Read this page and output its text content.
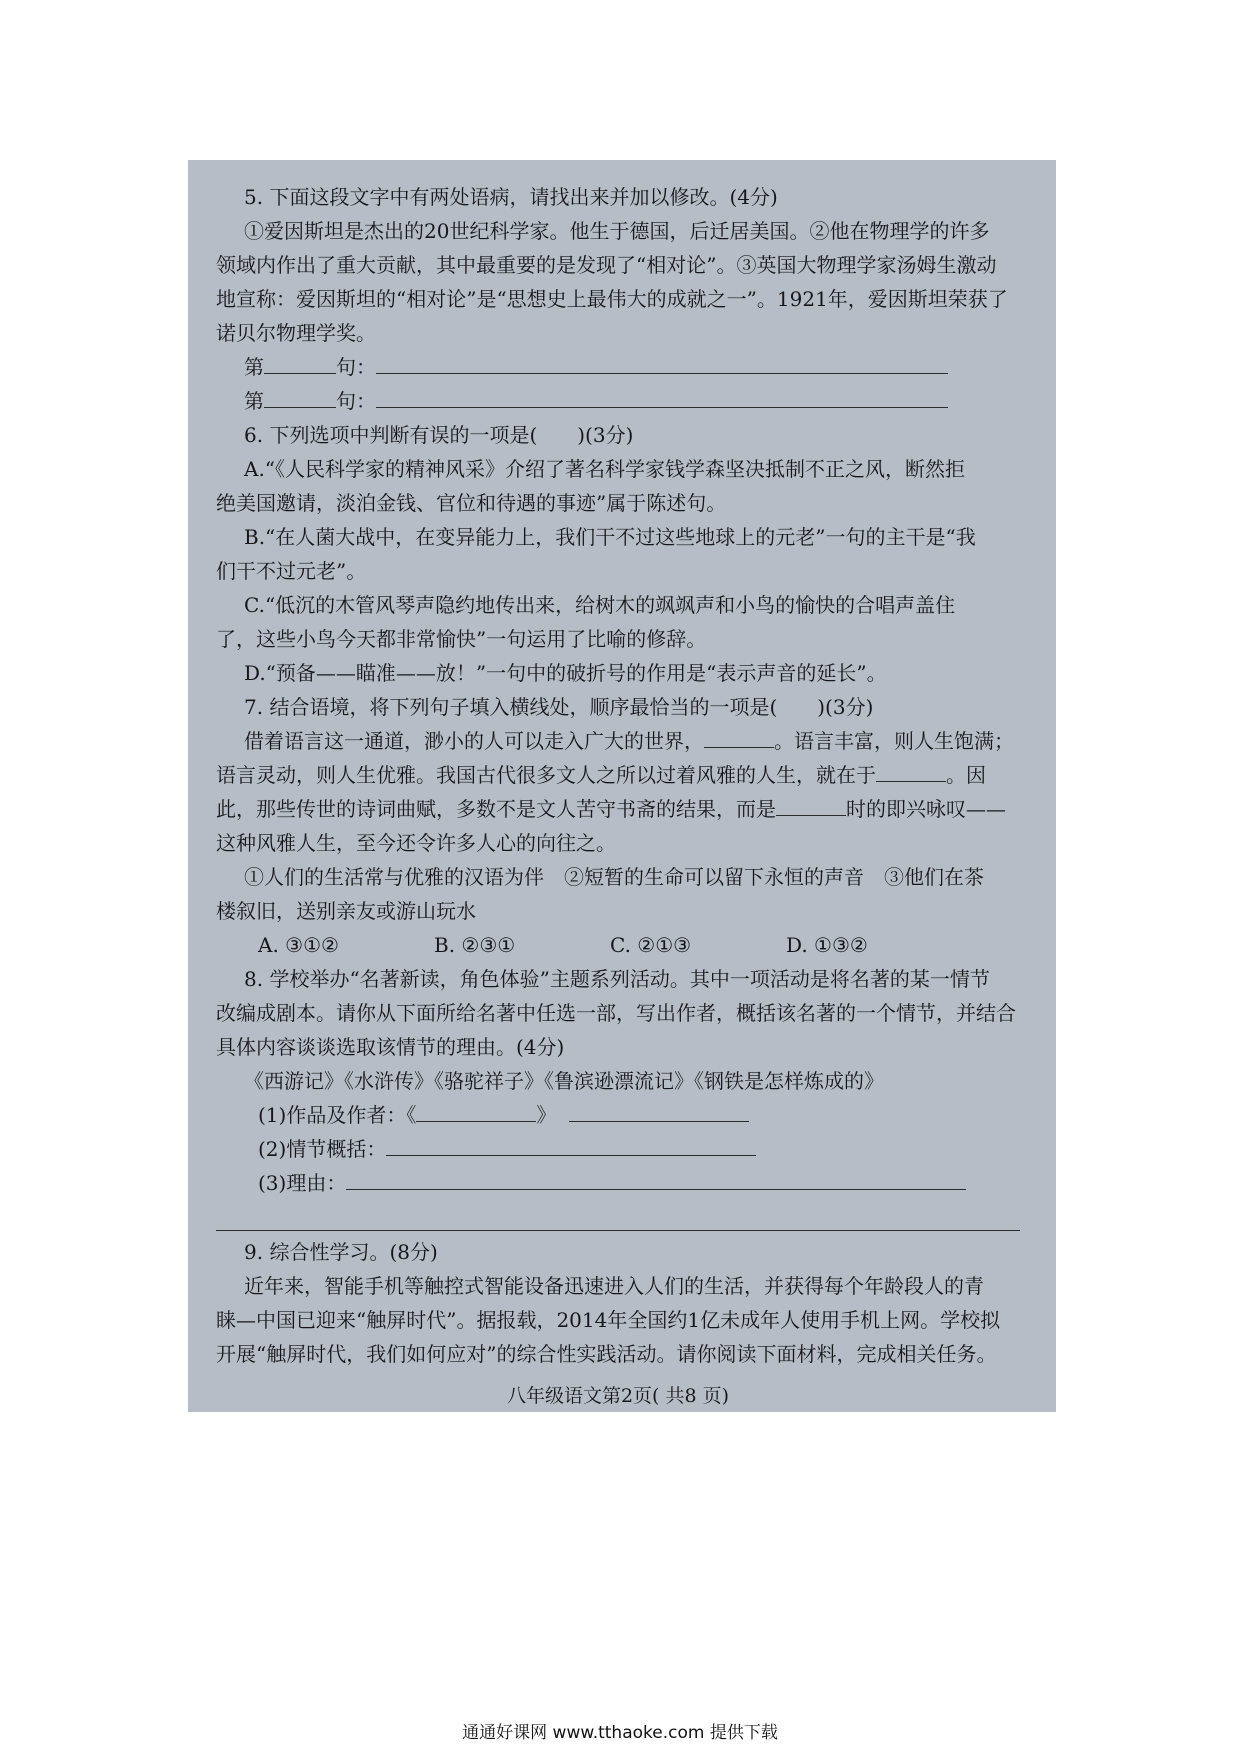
5. 下面这段文字中有两处语病，请找出来并加以修改。(4分)
①爱因斯坦是杰出的20世纪科学家。他生于德国，后迁居美国。②他在物理学的许多
领域内作出了重大贡献，其中最重要的是发现了“相对论”。③英国大物理学家汤姆生激动
地宣称：爱因斯坦的“相对论”是“思想史上最伟大的成就之一”。1921年，爱因斯坦荣获了
诺贝尔物理学奖。
第	句：
第	句：
6. 下列选项中判断有误的一项是( )(3分)
A.“《人民科学家的精神风采》介绍了著名科学家钱学森坚决抵制不正之风，断然拒
绝美国邀请，淡泊金钱、官位和待遇的事迹”属于陈述句。
B.“在人菌大战中，在变异能力上，我们干不过这些地球上的元老”一句的主干是“我
们干不过元老”。
C.“低沉的木管风琴声隐约地传出来，给树木的飒飒声和小鸟的愉快的合唱声盖住
了，这些小鸟今天都非常愉快”一句运用了比喻的修辞。
D.“预备——瞄准——放！”一句中的破折号的作用是“表示声音的延长”。
7. 结合语境，将下列句子填入横线处，顺序最恰当的一项是( )(3分)
借着语言这一通道，渺小的人可以走入广大的世界，	。语言丰富，则人生饱满；
语言灵动，则人生优雅。我国古代很多文人之所以过着风雅的人生，就在于	。因
此，那些传世的诗词曲赋，多数不是文人苦守书斋的结果，而是	时的即兴咏叹——
这种风雅人生，至今还令许多人心的向往之。
①人们的生活常与优雅的汉语为伴　②短暂的生命可以留下永恒的声音　③他们在茶
楼叙旧，送别亲友或游山玩水
A. ③①②	B. ②③①	C. ②①③	D. ①③②
8. 学校举办“名著新读，角色体验”主题系列活动。其中一项活动是将名著的某一情节
改编成剧本。请你从下面所给名著中任选一部，写出作者，概括该名著的一个情节，并结合
具体内容谈谈选取该情节的理由。(4分)
《西游记》《水浒传》《骆驼祥子》《鲁滨逊漂流记》《钢铁是怎样炼成的》
(1)作品及作者：《	》
(2)情节概括：
(3)理由：
9. 综合性学习。(8分)
近年来，智能手机等触控式智能设备迅速进入人们的生活，并获得每个年龄段人的青
睐—中国已迎来“触屏时代”。据报载，2014年全国约1亿未成年人使用手机上网。学校拟
开展“触屏时代，我们如何应对”的综合性实践活动。请你阅读下面材料，完成相关任务。
八年级语文第2页( 共8 页)
通通好课网 www.tthaoke.com 提供下载
